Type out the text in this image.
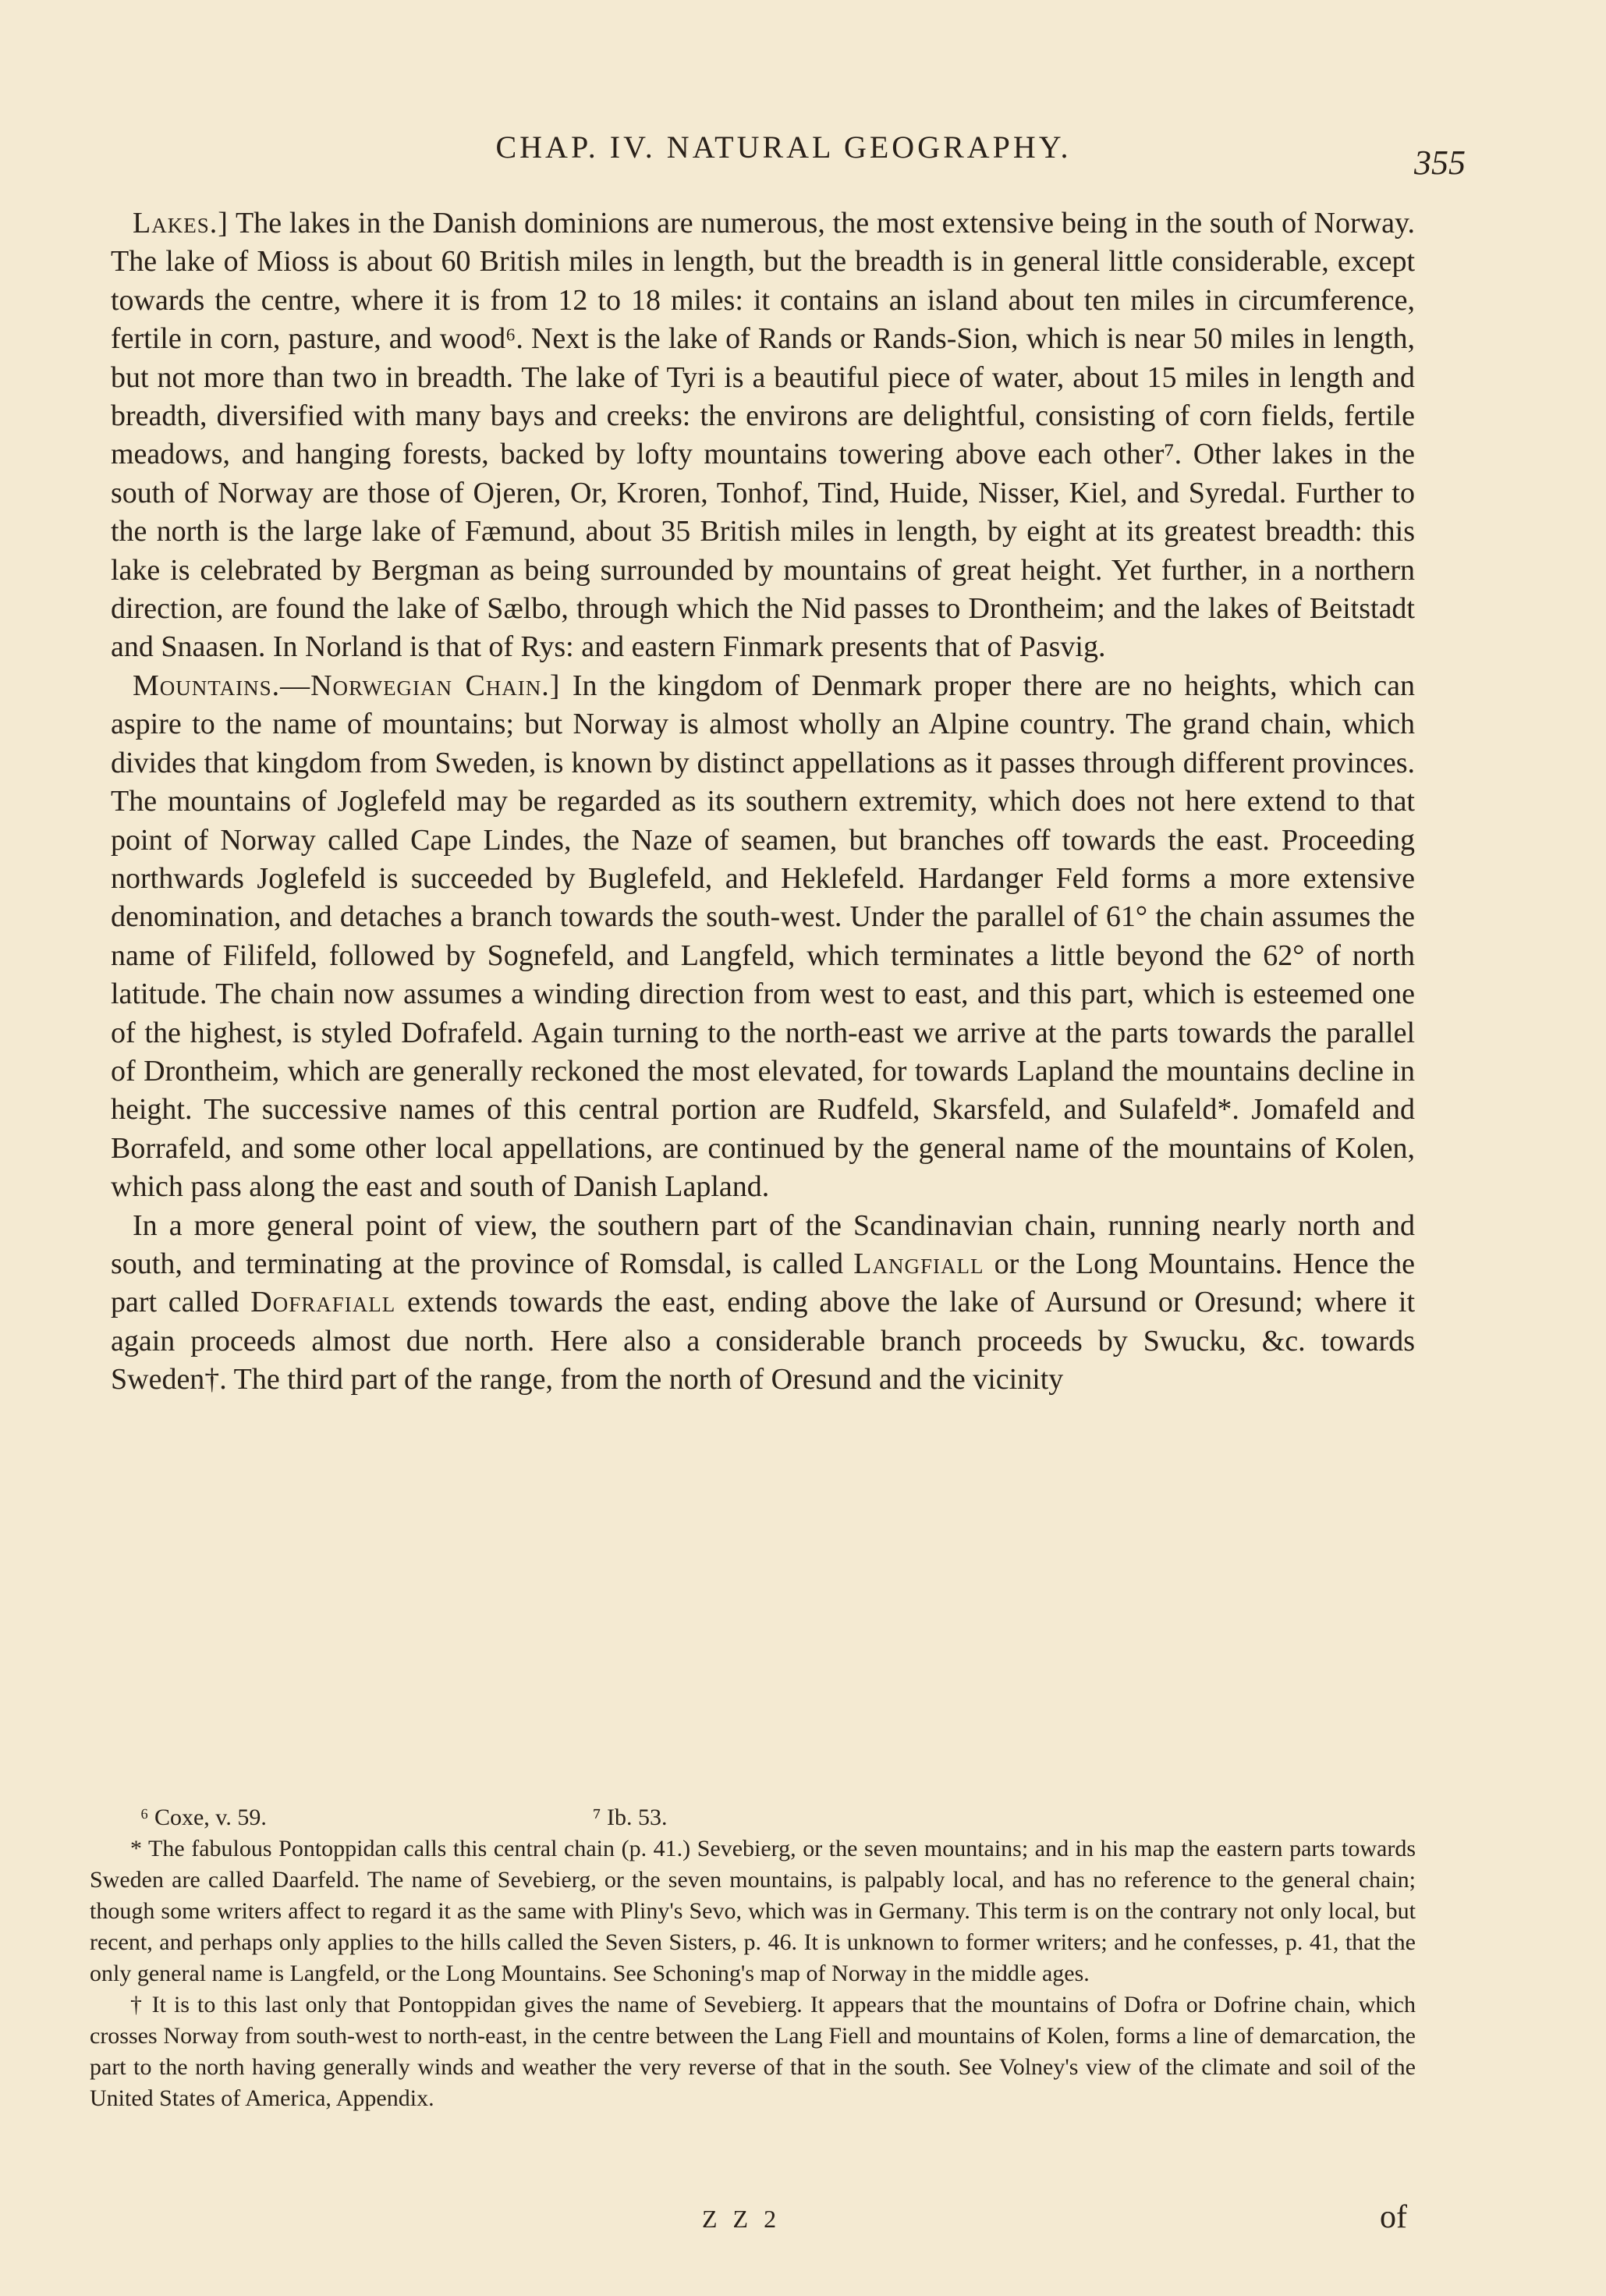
CHAP. IV. NATURAL GEOGRAPHY.	355

Lakes.] The lakes in the Danish dominions are numerous, the most extensive being in the south of Norway. The lake of Mioss is about 60 British miles in length, but the breadth is in general little considerable, except towards the centre, where it is from 12 to 18 miles: it contains an island about ten miles in circumference, fertile in corn, pasture, and wood⁶. Next is the lake of Rands or Rands-Sion, which is near 50 miles in length, but not more than two in breadth. The lake of Tyri is a beautiful piece of water, about 15 miles in length and breadth, diversified with many bays and creeks: the environs are delightful, consisting of corn fields, fertile meadows, and hanging forests, backed by lofty mountains towering above each other⁷. Other lakes in the south of Norway are those of Ojeren, Or, Kroren, Tonhof, Tind, Huide, Nisser, Kiel, and Syredal. Further to the north is the large lake of Fæmund, about 35 British miles in length, by eight at its greatest breadth: this lake is celebrated by Bergman as being surrounded by mountains of great height. Yet further, in a northern direction, are found the lake of Sælbo, through which the Nid passes to Drontheim; and the lakes of Beitstadt and Snaasen. In Norland is that of Rys: and eastern Finmark presents that of Pasvig.

Mountains.—Norwegian Chain.] In the kingdom of Denmark proper there are no heights, which can aspire to the name of mountains; but Norway is almost wholly an Alpine country. The grand chain, which divides that kingdom from Sweden, is known by distinct appellations as it passes through different provinces. The mountains of Joglefeld may be regarded as its southern extremity, which does not here extend to that point of Norway called Cape Lindes, the Naze of seamen, but branches off towards the east. Proceeding northwards Joglefeld is succeeded by Buglefeld, and Heklefeld. Hardanger Feld forms a more extensive denomination, and detaches a branch towards the south-west. Under the parallel of 61° the chain assumes the name of Filifeld, followed by Sognefeld, and Langfeld, which terminates a little beyond the 62° of north latitude. The chain now assumes a winding direction from west to east, and this part, which is esteemed one of the highest, is styled Dofrafeld. Again turning to the north-east we arrive at the parts towards the parallel of Drontheim, which are generally reckoned the most elevated, for towards Lapland the mountains decline in height. The successive names of this central portion are Rudfeld, Skarsfeld, and Sulafeld*. Jomafeld and Borrafeld, and some other local appellations, are continued by the general name of the mountains of Kolen, which pass along the east and south of Danish Lapland.

In a more general point of view, the southern part of the Scandinavian chain, running nearly north and south, and terminating at the province of Romsdal, is called Langfiall or the Long Mountains. Hence the part called Dofrafiall extends towards the east, ending above the lake of Aursund or Oresund; where it again proceeds almost due north. Here also a considerable branch proceeds by Swucku, &c. towards Sweden†. The third part of the range, from the north of Oresund and the vicinity

⁶ Coxe, v. 59.	⁷ Ib. 53.

* The fabulous Pontoppidan calls this central chain (p. 41.) Sevebierg, or the seven mountains; and in his map the eastern parts towards Sweden are called Daarfeld. The name of Sevebierg, or the seven mountains, is palpably local, and has no reference to the general chain; though some writers affect to regard it as the same with Pliny's Sevo, which was in Germany. This term is on the contrary not only local, but recent, and perhaps only applies to the hills called the Seven Sisters, p. 46. It is unknown to former writers; and he confesses, p. 41, that the only general name is Langfeld, or the Long Mountains. See Schoning's map of Norway in the middle ages.

† It is to this last only that Pontoppidan gives the name of Sevebierg. It appears that the mountains of Dofra or Dofrine chain, which crosses Norway from south-west to north-east, in the centre between the Lang Fiell and mountains of Kolen, forms a line of demarcation, the part to the north having generally winds and weather the very reverse of that in the south. See Volney's view of the climate and soil of the United States of America, Appendix.

Z Z 2	of
